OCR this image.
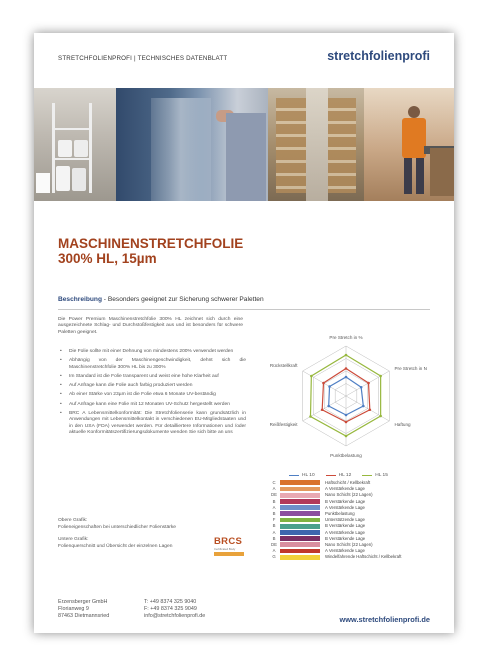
STRETCHFOLIENPROFI | TECHNISCHES DATENBLATT	stretchfolienprofi
MASCHINENSTRETCHFOLIE
300% HL, 15µm
Beschreibung - Besonders geeignet zur Sicherung schwerer Paletten
Die Power Premium Maschinenstretchfolie 300% HL zeichnet sich durch eine ausgezeichnete Schlag- und Durchstoßfestigkeit aus und ist besonders für schwere Paletten geeignet.
• Die Folie sollte mit einer Dehnung von mindestens 200% verwendet werden
• Abhängig von der Maschinengeschwindigkeit, dehnt sich die Maschinenstretchfolie 300% HL bis zu 300%
• Im Standard ist die Folie transparent und weist eine hohe Klarheit auf
• Auf Anfrage kann die Folie auch farbig produziert werden
• Ab einer Stärke von 23µm ist die Folie etwa 6 Monate UV-beständig
• Auf Anfrage kann eine Folie mit 12 Monaten UV-Schutz hergestellt werden
• BRC A Lebensmittelkonformität: Die Stretchfolienserie kann grundsätzlich in Anwendungen mit Lebensmittelkontakt in verschiedenen EU-Mitgliedstaaten und in den USA (FDA) verwendet werden. Für detailliertere Informationen und /oder aktuelle Konformitätszertifizierungsdokumente wenden Sie sich bitte an uns
Pre Stretch in %
Pre Stretch in N
Haftung
Punktbelastung
Reißfestigkeit
Rückstellkraft
HL 10	HL 12	HL 15
C	Haftschicht / Kellbekraft
A	A Verstärkende Lage
DE	Nano Schicht (22 Lagen)
B	B Verstärkende Lage
A	A Verstärkende Lage
B	Punktbelastung
F	Unterstützende Lage
B	B Verstärkende Lage
A	A Verstärkende Lage
B	B Verstärkende Lage
DE	Nano Schicht (22 Lagen)
A	A Verstärkende Lage
G	Windelfahrende Haftschicht / Kellbekraft

Obere Grafik:

Folieneigenschaften bei unterschiedlicher Folienstärke

Untere Grafik:

Folienquerschnitt und Übersicht der einzelnen Lagen	BRCS
Certificated Body
Erzensberger GmbH
Florianweg 9
87463 Dietmannsried
T: +49 8374 325 9040
F: +49 8374 325 9049
info@stretchfolienprofi.de	www.stretchfolienprofi.de
